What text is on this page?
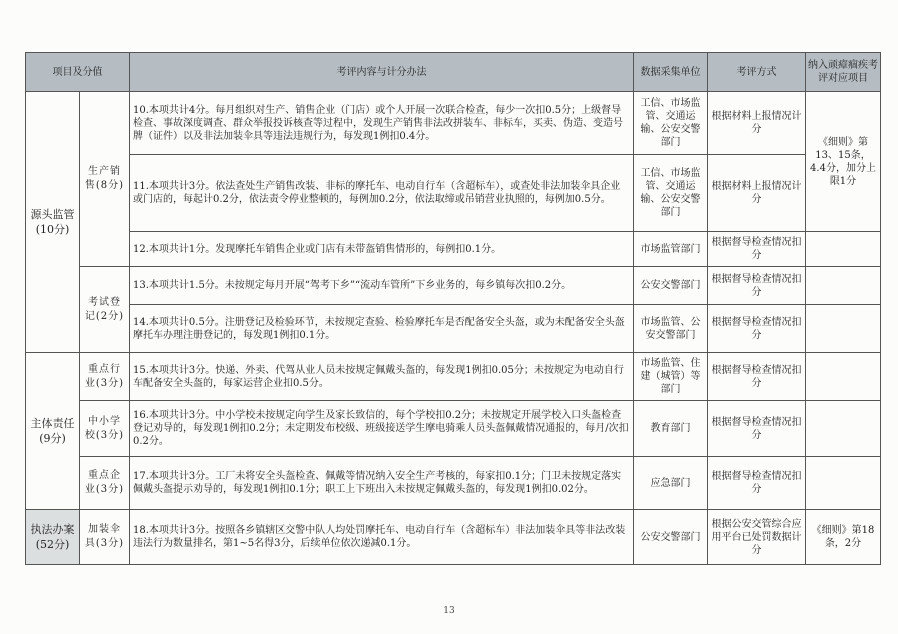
项目及分值		考评内容与计分办法	数据采集单位	考评方式	纳入顽瘴痼疾考评对应项目
源头监管(10分)	生产销售(8分)	10.本项共计4分。每月组织对生产、销售企业（门店）或个人开展一次联合检查，每少一次扣0.5分；上级督导检查、事故深度调查、群众举报投诉核查等过程中，发现生产销售非法改拼装车、非标车，买卖、伪造、变造号牌（证件）以及非法加装伞具等违法违规行为，每发现1例扣0.4分。	工信、市场监管、交通运输、公安交警部门	根据材料上报情况计分	《细则》第13、15条，4.4分，加分上限1分
		11.本项共计3分。依法查处生产销售改装、非标的摩托车、电动自行车（含超标车），或查处非法加装伞具企业或门店的，每起计0.2分，依法责令停业整顿的，每例加0.2分，依法取缔或吊销营业执照的，每例加0.5分。	工信、市场监管、交通运输、公安交警部门	根据材料上报情况计分	
		12.本项共计1分。发现摩托车销售企业或门店有未带盔销售情形的，每例扣0.1分。	市场监管部门	根据督导检查情况扣分	
	考试登记(2分)	13.本项共计1.5分。未按规定每月开展“驾考下乡”“流动车管所”下乡业务的，每乡镇每次扣0.2分。	公安交警部门	根据督导检查情况扣分	
		14.本项共计0.5分。注册登记及检验环节，未按规定查验、检验摩托车是否配备安全头盔，或为未配备安全头盔摩托车办理注册登记的，每发现1例扣0.1分。	市场监管、公安交警部门	根据督导检查情况扣分	
主体责任(9分)	重点行业(3分)	15.本项共计3分。快递、外卖、代驾从业人员未按规定佩戴头盔的，每发现1例扣0.05分；未按规定为电动自行车配备安全头盔的，每家运营企业扣0.5分。	市场监管、住建（城管）等部门	根据督导检查情况扣分	
	中小学校(3分)	16.本项共计3分。中小学校未按规定向学生及家长致信的，每个学校扣0.2分；未按规定开展学校入口头盔检查登记劝导的，每发现1例扣0.2分；未定期发布校级、班级接送学生摩电骑乘人员头盔佩戴情况通报的，每月/次扣0.2分。	教育部门	根据督导检查情况扣分	
	重点企业(3分)	17.本项共计3分。工厂未将安全头盔检查、佩戴等情况纳入安全生产考核的，每家扣0.1分；门卫未按规定落实佩戴头盔提示劝导的，每发现1例扣0.1分；职工上下班出入未按规定佩戴头盔的，每发现1例扣0.02分。	应急部门	根据督导检查情况扣分	
执法办案(52分)	加装伞具(3分)	18.本项共计3分。按照各乡镇辖区交警中队人均处罚摩托车、电动自行车（含超标车）非法加装伞具等非法改装违法行为数量排名，第1~5名得3分，后续单位依次递减0.1分。	公安交警部门	根据公安交管综合应用平台已处罚数据计分	《细则》第18条，2分
13
